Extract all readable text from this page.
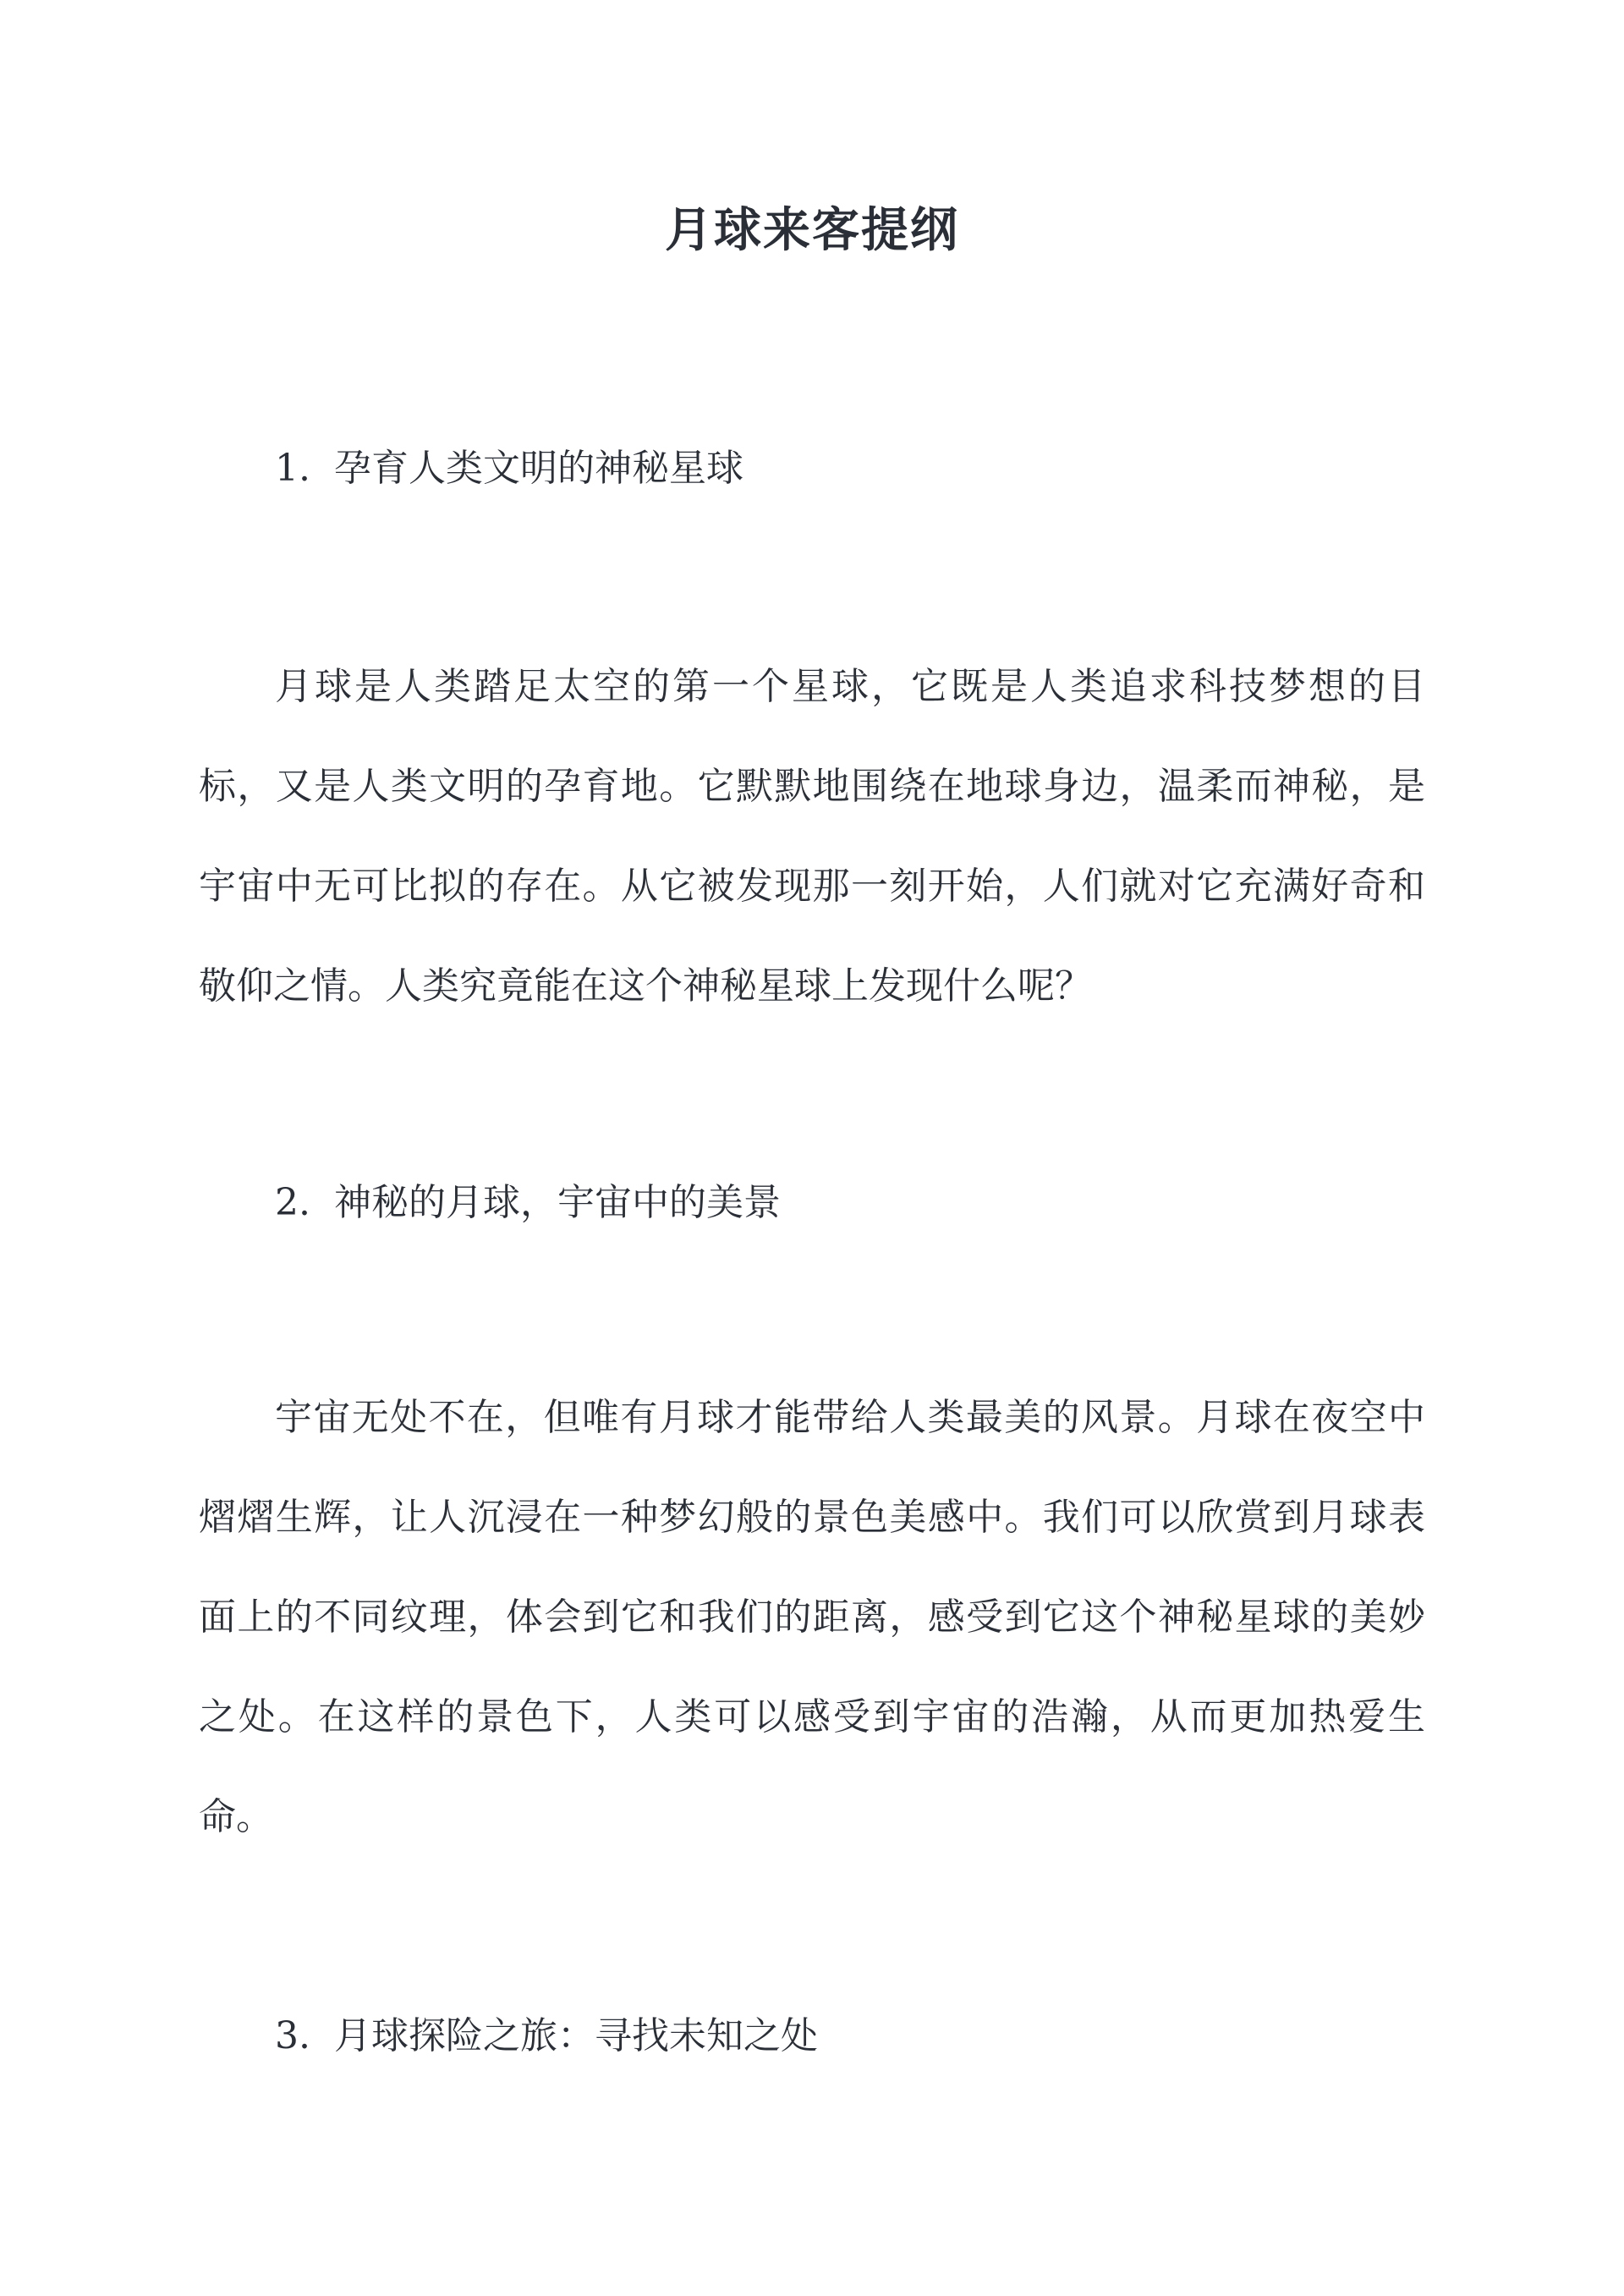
月球来客提纲
1. 孕育人类文明的神秘星球

月球是人类踏足太空的第一个星球，它既是人类追求科技梦想的目标，又是人类文明的孕育地。它默默地围绕在地球身边，温柔而神秘，是宇宙中无可比拟的存在。从它被发现那一刻开始，人们就对它充满好奇和敬仰之情。人类究竟能在这个神秘星球上发现什么呢？

2. 神秘的月球，宇宙中的美景

宇宙无处不在，但唯有月球才能带给人类最美的风景。月球在夜空中熠熠生辉，让人沉浸在一种梦幻般的景色美感中。我们可以欣赏到月球表面上的不同纹理，体会到它和我们的距离，感受到它这个神秘星球的美妙之处。在这样的景色下，人类可以感受到宇宙的浩瀚，从而更加热爱生命。

3. 月球探险之旅：寻找未知之处
